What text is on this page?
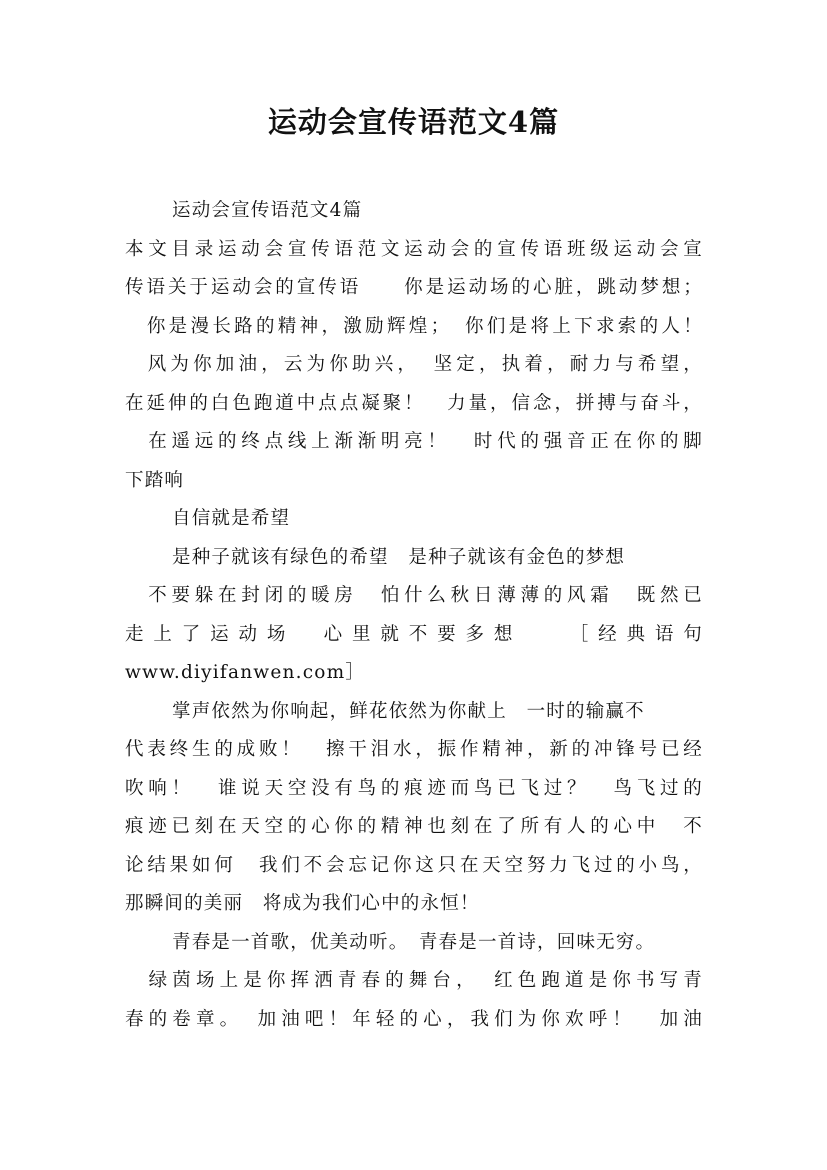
运动会宣传语范文4篇
运动会宣传语范文4篇
本文目录运动会宣传语范文运动会的宣传语班级运动会宣
传语关于运动会的宣传语　　你是运动场的心脏，跳动梦想；
　你是漫长路的精神，激励辉煌；　你们是将上下求索的人！
　风为你加油，云为你助兴，　坚定，执着，耐力与希望，
在延伸的白色跑道中点点凝聚！　力量，信念，拼搏与奋斗，
　在遥远的终点线上渐渐明亮！　时代的强音正在你的脚
下踏响
自信就是希望
是种子就该有绿色的希望　是种子就该有金色的梦想
　不要躲在封闭的暖房　怕什么秋日薄薄的风霜　既然已
走上了运动场　心里就不要多想　　［经典语句
www.diyifanwen.com］
掌声依然为你响起，鲜花依然为你献上　一时的输赢不
代表终生的成败！　擦干泪水，振作精神，新的冲锋号已经
吹响！　谁说天空没有鸟的痕迹而鸟已飞过？　鸟飞过的
痕迹已刻在天空的心你的精神也刻在了所有人的心中　不
论结果如何　我们不会忘记你这只在天空努力飞过的小鸟，
那瞬间的美丽　将成为我们心中的永恒！
青春是一首歌，优美动听。　青春是一首诗，回味无穷。
　绿茵场上是你挥洒青春的舞台，　红色跑道是你书写青
春的卷章。　加油吧！年轻的心，我们为你欢呼！　加油
